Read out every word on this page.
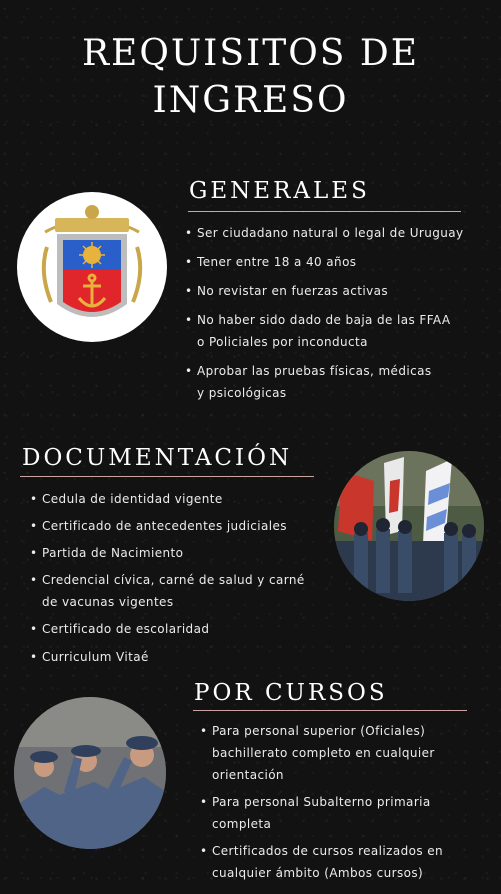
REQUISITOS DE
INGRESO
GENERALES
• Ser ciudadano natural o legal de Uruguay
• Tener entre 18 a 40 años
• No revistar en fuerzas activas
• No haber sido dado de baja de las FFAA o Policiales por inconducta
• Aprobar las pruebas físicas, médicas y psicológicas
DOCUMENTACIÓN
• Cedula de identidad vigente
• Certificado de antecedentes judiciales
• Partida de Nacimiento
• Credencial cívica, carné de salud y carné de vacunas vigentes
• Certificado de escolaridad
• Curriculum Vitaé
POR CURSOS
• Para personal superior (Oficiales) bachillerato completo en cualquier orientación
• Para personal Subalterno primaria completa
• Certificados de cursos realizados en cualquier ámbito (Ambos cursos)
